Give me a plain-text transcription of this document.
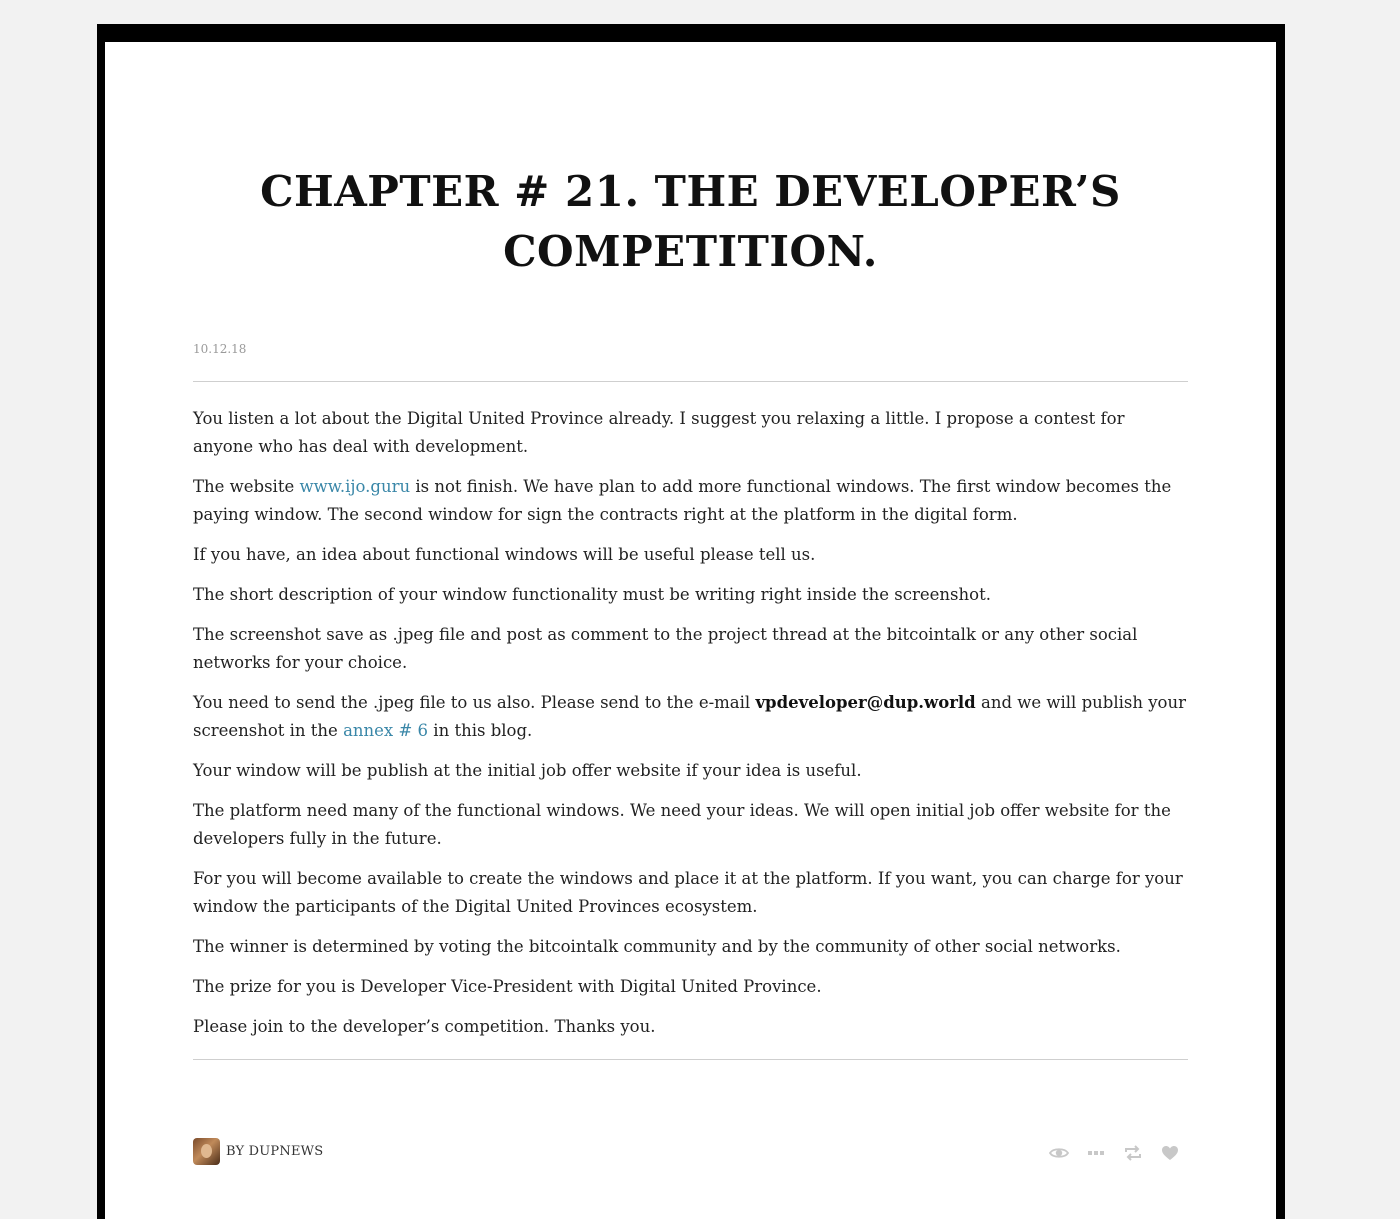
CHAPTER # 21. THE DEVELOPER’S
COMPETITION.
10.12.18

You listen a lot about the Digital United Province already. I suggest you relaxing a little. I propose a contest for anyone who has deal with development.

The website www.ijo.guru is not finish. We have plan to add more functional windows. The first window becomes the paying window. The second window for sign the contracts right at the platform in the digital form.

If you have, an idea about functional windows will be useful please tell us.

The short description of your window functionality must be writing right inside the screenshot.

The screenshot save as .jpeg file and post as comment to the project thread at the bitcointalk or any other social networks for your choice.

You need to send the .jpeg file to us also. Please send to the e-mail vpdeveloper@dup.world and we will publish your screenshot in the annex # 6 in this blog.

Your window will be publish at the initial job offer website if your idea is useful.

The platform need many of the functional windows. We need your ideas. We will open initial job offer website for the developers fully in the future.

For you will become available to create the windows and place it at the platform. If you want, you can charge for your window the participants of the Digital United Provinces ecosystem.

The winner is determined by voting the bitcointalk community and by the community of other social networks.

The prize for you is Developer Vice-President with Digital United Province.

Please join to the developer’s competition. Thanks you.

BY DUPNEWS
